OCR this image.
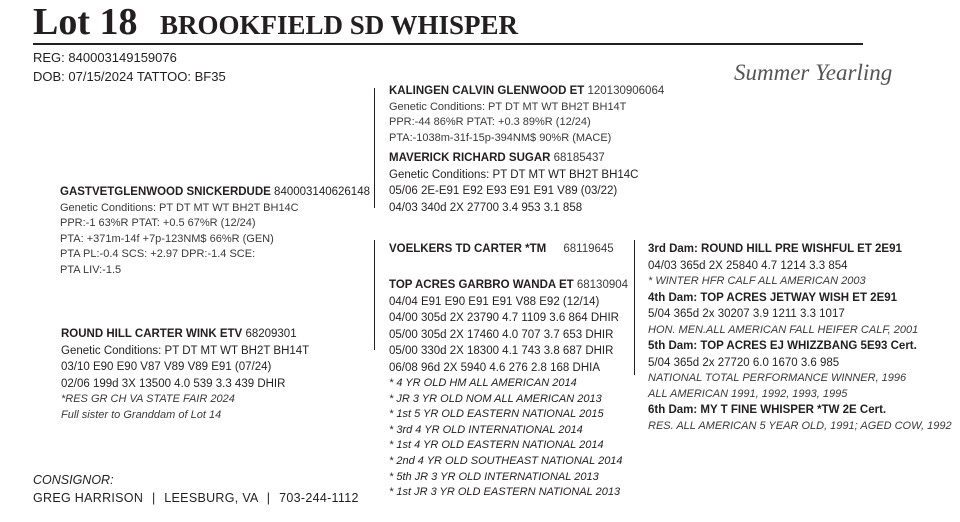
Lot 18 BROOKFIELD SD WHISPER
REG: 840003149159076
DOB: 07/15/2024 TATTOO: BF35	Summer Yearling
KALINGEN CALVIN GLENWOOD ET 120130906064
Genetic Conditions: PT DT MT WT BH2T BH14T
PPR:-44 86%R PTAT: +0.3 89%R (12/24)
PTA:-1038m-31f-15p-394NM$ 90%R (MACE)
MAVERICK RICHARD SUGAR 68185437
Genetic Conditions: PT DT MT WT BH2T BH14C
05/06 2E-E91 E92 E93 E91 E91 V89 (03/22)
04/03 340d 2X 27700 3.4 953 3.1 858
GASTVETGLENWOOD SNICKERDUDE 840003140626148
Genetic Conditions: PT DT MT WT BH2T BH14C
PPR:-1 63%R PTAT: +0.5 67%R (12/24)
PTA: +371m-14f +7p-123NM$ 66%R (GEN)
PTA PL:-0.4 SCS: +2.97 DPR:-1.4 SCE:
PTA LIV:-1.5
VOELKERS TD CARTER *TM 68119645
TOP ACRES GARBRO WANDA ET 68130904
04/04 E91 E90 E91 E91 V88 E92 (12/14)
04/00 305d 2X 23790 4.7 1109 3.6 864 DHIR
05/00 305d 2X 17460 4.0 707 3.7 653 DHIR
05/00 330d 2X 18300 4.1 743 3.8 687 DHIR
06/08 96d 2X 5940 4.6 276 2.8 168 DHIA
* 4 YR OLD HM ALL AMERICAN 2014
* JR 3 YR OLD NOM ALL AMERICAN 2013
* 1st 5 YR OLD EASTERN NATIONAL 2015
* 3rd 4 YR OLD INTERNATIONAL 2014
* 1st 4 YR OLD EASTERN NATIONAL 2014
* 2nd 4 YR OLD SOUTHEAST NATIONAL 2014
* 5th JR 3 YR OLD INTERNATIONAL 2013
* 1st JR 3 YR OLD EASTERN NATIONAL 2013
ROUND HILL CARTER WINK ETV 68209301
Genetic Conditions: PT DT MT WT BH2T BH14T
03/10 E90 E90 V87 V89 V89 E91 (07/24)
02/06 199d 3X 13500 4.0 539 3.3 439 DHIR
*RES GR CH VA STATE FAIR 2024
Full sister to Granddam of Lot 14
3rd Dam: ROUND HILL PRE WISHFUL ET 2E91
04/03 365d 2X 25840 4.7 1214 3.3 854
* WINTER HFR CALF ALL AMERICAN 2003
4th Dam: TOP ACRES JETWAY WISH ET 2E91
5/04 365d 2x 30207 3.9 1211 3.3 1017
HON. MEN.ALL AMERICAN FALL HEIFER CALF, 2001
5th Dam: TOP ACRES EJ WHIZZBANG 5E93 Cert.
5/04 365d 2x 27720 6.0 1670 3.6 985
NATIONAL TOTAL PERFORMANCE WINNER, 1996
ALL AMERICAN 1991, 1992, 1993, 1995
6th Dam: MY T FINE WHISPER *TW 2E Cert.
RES. ALL AMERICAN 5 YEAR OLD, 1991; AGED COW, 1992
CONSIGNOR:
GREG HARRISON | LEESBURG, VA | 703-244-1112
